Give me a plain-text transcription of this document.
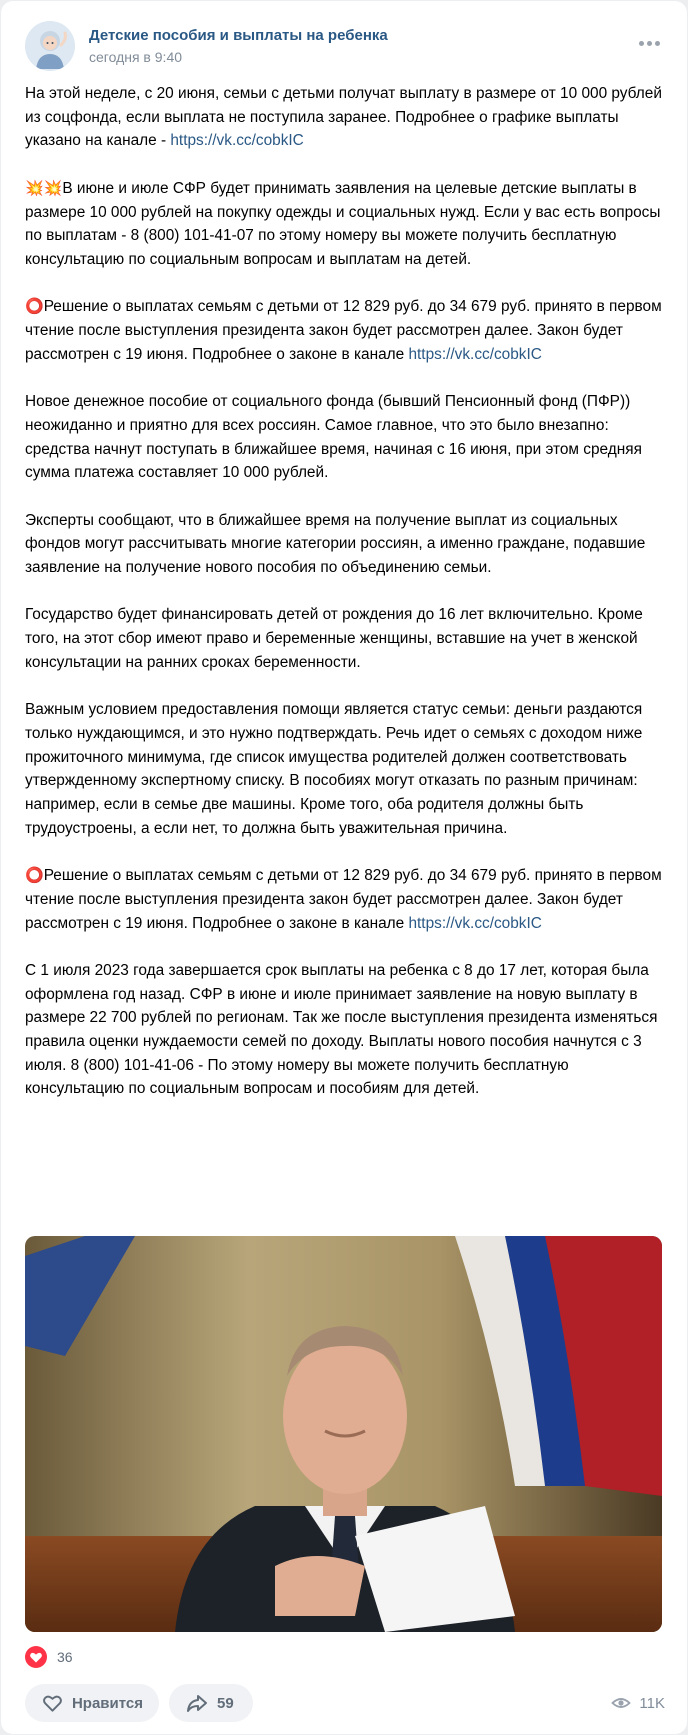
Детские пособия и выплаты на ребенка
сегодня в 9:40

На этой неделе, с 20 июня, семьи с детьми получат выплату в размере от 10 000 рублей из соцфонда, если выплата не поступила заранее. Подробнее о графике выплаты указано на канале - https://vk.cc/cobkIC

💥💥В июне и июле СФР будет принимать заявления на целевые детские выплаты в размере 10 000 рублей на покупку одежды и социальных нужд. Если у вас есть вопросы по выплатам - 8 (800) 101-41-07 по этому номеру вы можете получить бесплатную консультацию по социальным вопросам и выплатам на детей.

⭕Решение о выплатах семьям с детьми от 12 829 руб. до 34 679 руб. принято в первом чтение после выступления президента закон будет рассмотрен далее. Закон будет рассмотрен с 19 июня. Подробнее о законе в канале https://vk.cc/cobkIC

Новое денежное пособие от социального фонда (бывший Пенсионный фонд (ПФР)) неожиданно и приятно для всех россиян. Самое главное, что это было внезапно: средства начнут поступать в ближайшее время, начиная с 16 июня, при этом средняя сумма платежа составляет 10 000 рублей.

Эксперты сообщают, что в ближайшее время на получение выплат из социальных фондов могут рассчитывать многие категории россиян, а именно граждане, подавшие заявление на получение нового пособия по объединению семьи.

Государство будет финансировать детей от рождения до 16 лет включительно. Кроме того, на этот сбор имеют право и беременные женщины, вставшие на учет в женской консультации на ранних сроках беременности.

Важным условием предоставления помощи является статус семьи: деньги раздаются только нуждающимся, и это нужно подтверждать. Речь идет о семьях с доходом ниже прожиточного минимума, где список имущества родителей должен соответствовать утвержденному экспертному списку. В пособиях могут отказать по разным причинам: например, если в семье две машины. Кроме того, оба родителя должны быть трудоустроены, а если нет, то должна быть уважительная причина.

⭕Решение о выплатах семьям с детьми от 12 829 руб. до 34 679 руб. принято в первом чтение после выступления президента закон будет рассмотрен далее. Закон будет рассмотрен с 19 июня. Подробнее о законе в канале https://vk.cc/cobkIC

С 1 июля 2023 года завершается срок выплаты на ребенка с 8 до 17 лет, которая была оформлена год назад. СФР в июне и июле принимает заявление на новую выплату в размере 22 700 рублей по регионам. Так же после выступления президента изменяться правила оценки нуждаемости семей по доходу. Выплаты нового пособия начнутся с 3 июля. 8 (800) 101-41-06 - По этому номеру вы можете получить бесплатную консультацию по социальным вопросам и пособиям для детей.

36
Нравится	59	11K
